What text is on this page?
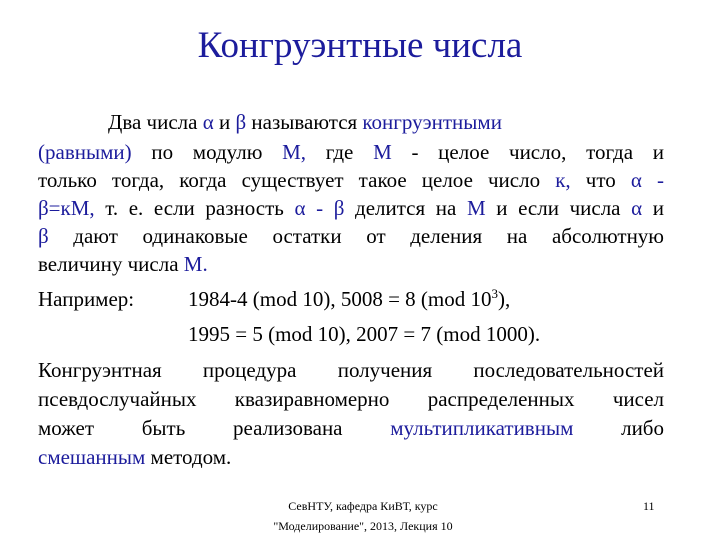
Конгруэнтные числа
Два числа α и β называются конгруэнтными
(равными) по модулю M, где M - целое число, тогда и
только тогда, когда существует такое целое число к, что α -
β=кM, т. е. если разность α - β делится на M и если числа α и
β дают одинаковые остатки от деления на абсолютную
величину числа M.
Например:	1984-4 (mod 10), 5008 = 8 (mod $10^3$),
1995 = 5 (mod 10), 2007 = 7 (mod 1000).
Конгруэнтная процедура получения последовательностей
псевдослучайных квазиравномерно распределенных чисел
может быть реализована мультипликативным либо
смешанным методом.
СевНТУ, кафедра КиВТ, курс
"Моделирование", 2013, Лекция 10
11
